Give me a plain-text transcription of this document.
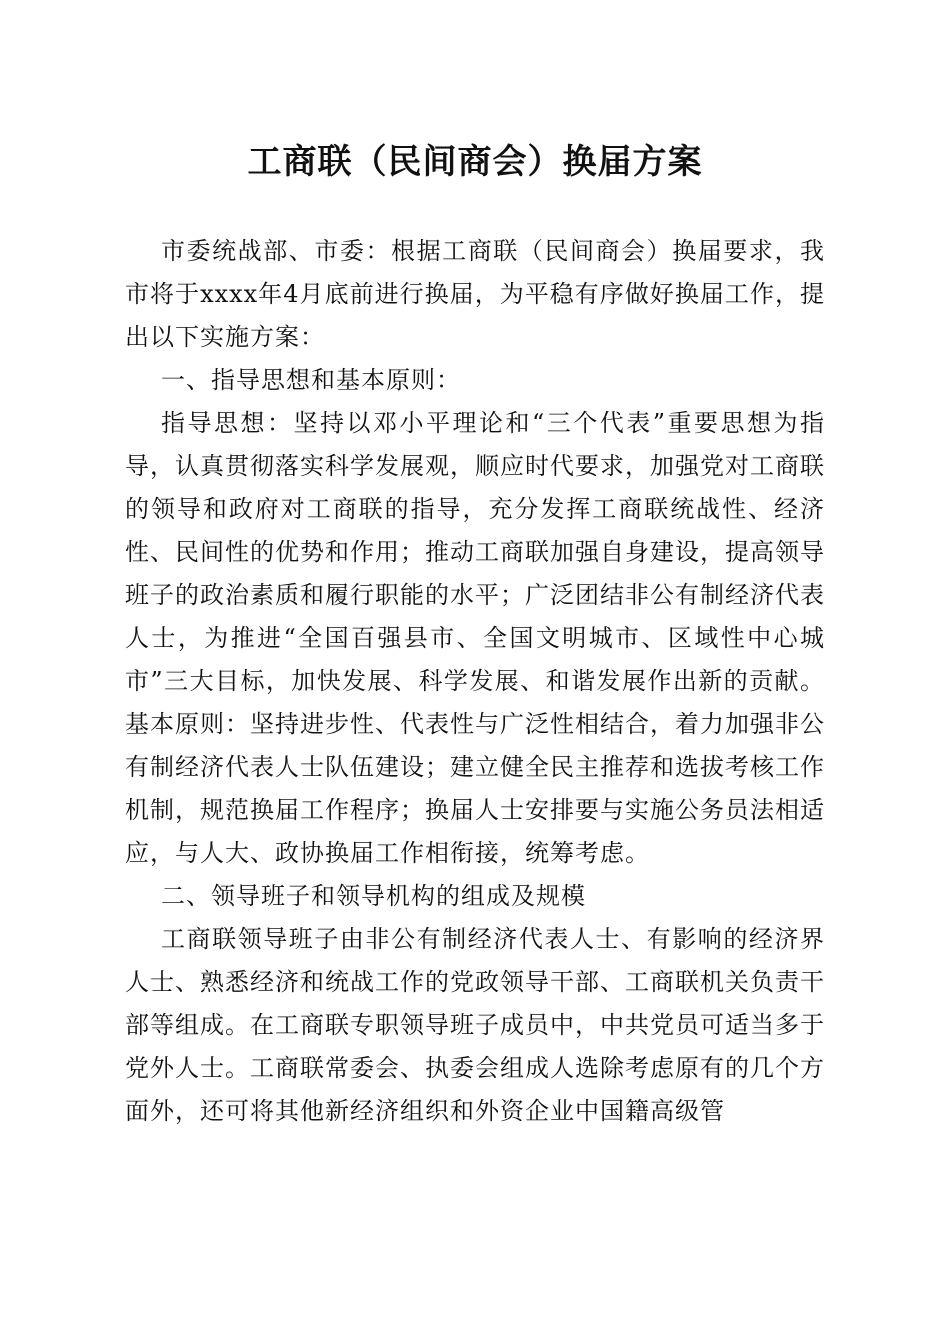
工商联（民间商会）换届方案

市委统战部、市委：根据工商联（民间商会）换届要求，我市将于xxxx年4月底前进行换届，为平稳有序做好换届工作，提出以下实施方案：

一、指导思想和基本原则：

指导思想：坚持以邓小平理论和“三个代表”重要思想为指导，认真贯彻落实科学发展观，顺应时代要求，加强党对工商联的领导和政府对工商联的指导，充分发挥工商联统战性、经济性、民间性的优势和作用；推动工商联加强自身建设，提高领导班子的政治素质和履行职能的水平；广泛团结非公有制经济代表人士，为推进“全国百强县市、全国文明城市、区域性中心城市”三大目标，加快发展、科学发展、和谐发展作出新的贡献。基本原则：坚持进步性、代表性与广泛性相结合，着力加强非公有制经济代表人士队伍建设；建立健全民主推荐和选拔考核工作机制，规范换届工作程序；换届人士安排要与实施公务员法相适应，与人大、政协换届工作相衔接，统筹考虑。

二、领导班子和领导机构的组成及规模

工商联领导班子由非公有制经济代表人士、有影响的经济界人士、熟悉经济和统战工作的党政领导干部、工商联机关负责干部等组成。在工商联专职领导班子成员中，中共党员可适当多于党外人士。工商联常委会、执委会组成人选除考虑原有的几个方面外，还可将其他新经济组织和外资企业中国籍高级管
